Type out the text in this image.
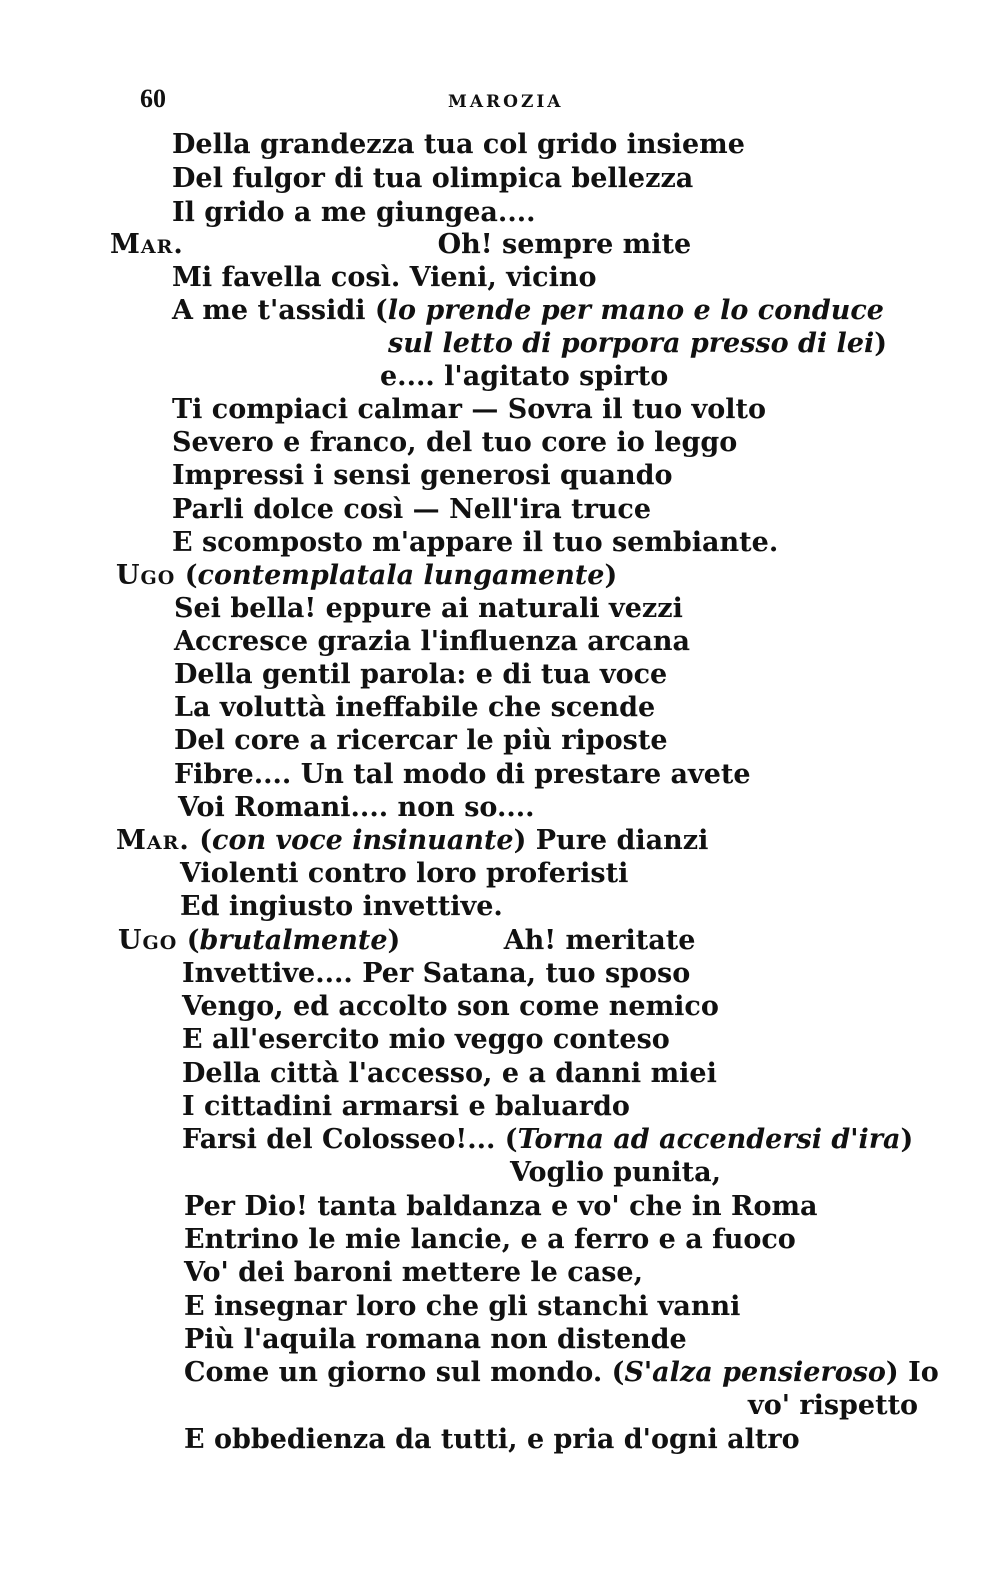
60	MAROZIA
Della grandezza tua col grido insieme
Del fulgor di tua olimpica bellezza
Il grido a me giungea....
Mar.                           Oh! sempre mite
Mi favella così. Vieni, vicino
A me t'assidi (lo prende per mano e lo conduce
sul letto di porpora presso di lei)
e.... l'agitato spirto
Ti compiaci calmar — Sovra il tuo volto
Severo e franco, del tuo core io leggo
Impressi i sensi generosi quando
Parli dolce così — Nell'ira truce
E scomposto m'appare il tuo sembiante.
Ugo (contemplatala lungamente)
Sei bella! eppure ai naturali vezzi
Accresce grazia l'influenza arcana
Della gentil parola: e di tua voce
La voluttà ineffabile che scende
Del core a ricercar le più riposte
Fibre.... Un tal modo di prestare avete
Voi Romani.... non so....
Mar. (con voce insinuante) Pure dianzi
Violenti contro loro proferisti
Ed ingiusto invettive.
Ugo (brutalmente)           Ah! meritate
Invettive.... Per Satana, tuo sposo
Vengo, ed accolto son come nemico
E all'esercito mio veggo conteso
Della città l'accesso, e a danni miei
I cittadini armarsi e baluardo
Farsi del Colosseo!... (Torna ad accendersi d'ira)
Voglio punita,
Per Dio! tanta baldanza e vo' che in Roma
Entrino le mie lancie, e a ferro e a fuoco
Vo' dei baroni mettere le case,
E insegnar loro che gli stanchi vanni
Più l'aquila romana non distende
Come un giorno sul mondo. (S'alza pensieroso) Io
vo' rispetto
E obbedienza da tutti, e pria d'ogni altro
